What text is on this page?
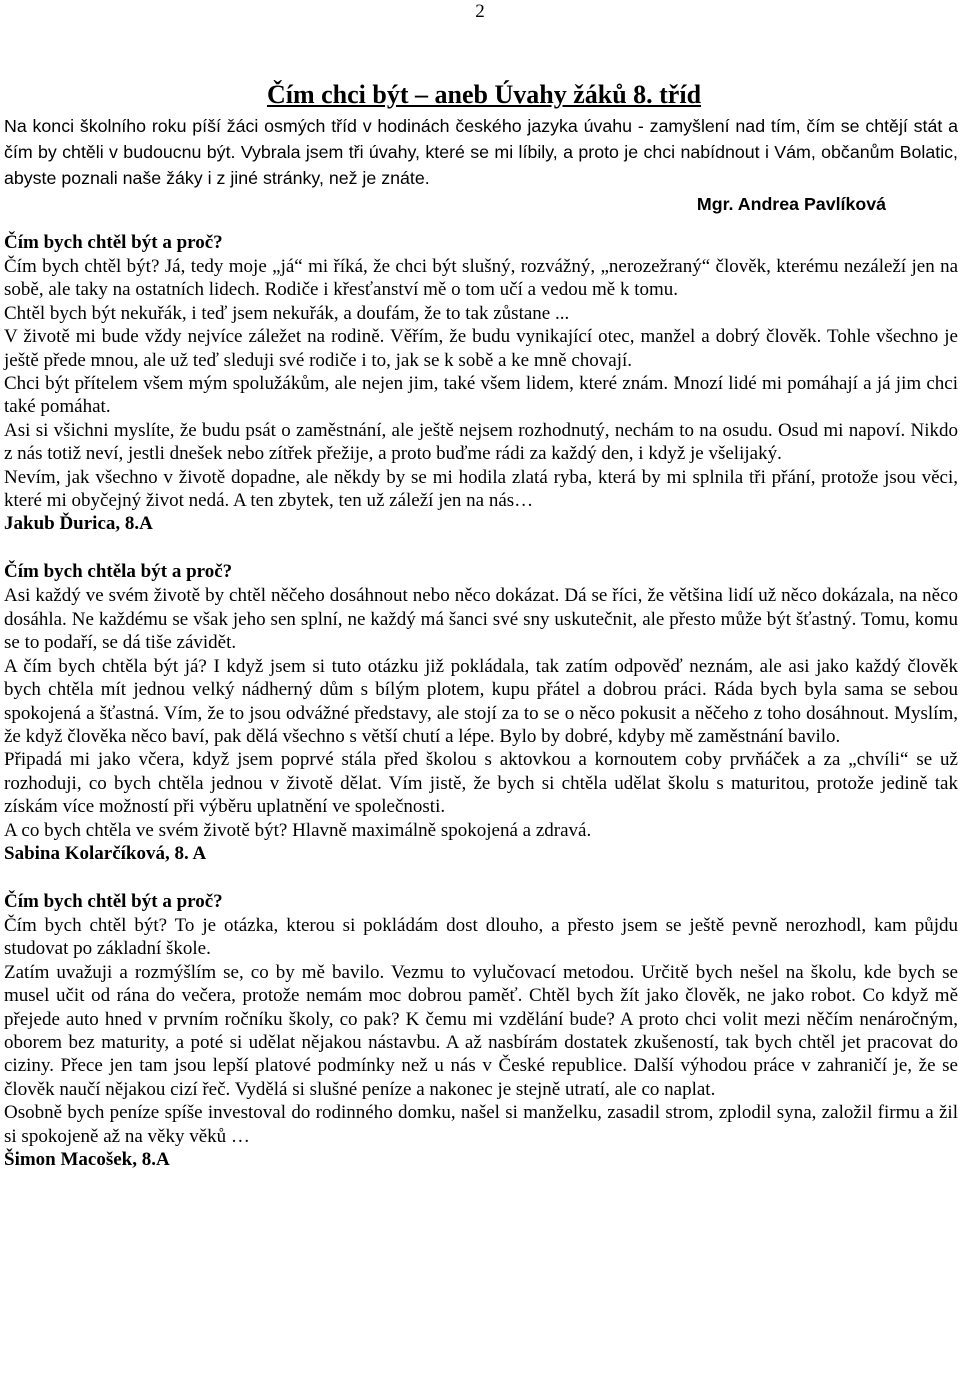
2
Čím chci být – aneb Úvahy žáků 8. tříd

Na konci školního roku píší žáci osmých tříd v hodinách českého jazyka úvahu - zamyšlení nad tím, čím se chtějí stát a čím by chtěli v budoucnu být. Vybrala jsem tři úvahy, které se mi líbily, a proto je chci nabídnout i Vám, občanům Bolatic, abyste poznali naše žáky i z jiné stránky, než je znáte.

Mgr. Andrea Pavlíková

Čím bych chtěl být a proč?

Čím bych chtěl být? Já, tedy moje „já“ mi říká, že chci být slušný, rozvážný, „nerozežraný“ člověk, kterému nezáleží jen na sobě, ale taky na ostatních lidech. Rodiče i křesťanství mě o tom učí a vedou mě k tomu.

Chtěl bych být nekuřák, i teď jsem nekuřák, a doufám, že to tak zůstane ...

V životě mi bude vždy nejvíce záležet na rodině. Věřím, že budu vynikající otec, manžel a dobrý člověk. Tohle všechno je ještě přede mnou, ale už teď sleduji své rodiče i to, jak se k sobě a ke mně chovají.

Chci být přítelem všem mým spolužákům, ale nejen jim, také všem lidem, které znám. Mnozí lidé mi pomáhají a já jim chci také pomáhat.

Asi si všichni myslíte, že budu psát o zaměstnání, ale ještě nejsem rozhodnutý, nechám to na osudu. Osud mi napoví. Nikdo z nás totiž neví, jestli dnešek nebo zítřek přežije, a proto buďme rádi za každý den, i když je všelijaký.

Nevím, jak všechno v životě dopadne, ale někdy by se mi hodila zlatá ryba, která by mi splnila tři přání, protože jsou věci, které mi obyčejný život nedá. A ten zbytek, ten už záleží jen na nás…

Jakub Ďurica, 8.A

Čím bych chtěla být a proč?

Asi každý ve svém životě by chtěl něčeho dosáhnout nebo něco dokázat. Dá se říci, že většina lidí už něco dokázala, na něco dosáhla. Ne každému se však jeho sen splní, ne každý má šanci své sny uskutečnit, ale přesto může být šťastný. Tomu, komu se to podaří, se dá tiše závidět.

A čím bych chtěla být já? I když jsem si tuto otázku již pokládala, tak zatím odpověď neznám, ale asi jako každý člověk bych chtěla mít jednou velký nádherný dům s bílým plotem, kupu přátel a dobrou práci. Ráda bych byla sama se sebou spokojená a šťastná. Vím, že to jsou odvážné představy, ale stojí za to se o něco pokusit a něčeho z toho dosáhnout. Myslím, že když člověka něco baví, pak dělá všechno s větší chutí a lépe. Bylo by dobré, kdyby mě zaměstnání bavilo.

Připadá mi jako včera, když jsem poprvé stála před školou s aktovkou a kornoutem coby prvňáček a za „chvíli“ se už rozhoduji, co bych chtěla jednou v životě dělat. Vím jistě, že bych si chtěla udělat školu s maturitou, protože jedině tak získám více možností při výběru uplatnění ve společnosti.

A co bych chtěla ve svém životě být? Hlavně maximálně spokojená a zdravá.

Sabina Kolarčíková, 8. A

Čím bych chtěl být a proč?

Čím bych chtěl být? To je otázka, kterou si pokládám dost dlouho, a přesto jsem se ještě pevně nerozhodl, kam půjdu studovat po základní škole.

Zatím uvažuji a rozmýšlím se, co by mě bavilo. Vezmu to vylučovací metodou. Určitě bych nešel na školu, kde bych se musel učit od rána do večera, protože nemám moc dobrou paměť. Chtěl bych žít jako člověk, ne jako robot. Co když mě přejede auto hned v prvním ročníku školy, co pak? K čemu mi vzdělání bude? A proto chci volit mezi něčím nenáročným, oborem bez maturity, a poté si udělat nějakou nástavbu. A až nasbírám dostatek zkušeností, tak bych chtěl jet pracovat do ciziny. Přece jen tam jsou lepší platové podmínky než u nás v České republice. Další výhodou práce v zahraničí je, že se člověk naučí nějakou cizí řeč. Vydělá si slušné peníze a nakonec je stejně utratí, ale co naplat.

Osobně bych peníze spíše investoval do rodinného domku, našel si manželku, zasadil strom, zplodil syna, založil firmu a žil si spokojeně až na věky věků …

Šimon Macošek, 8.A
